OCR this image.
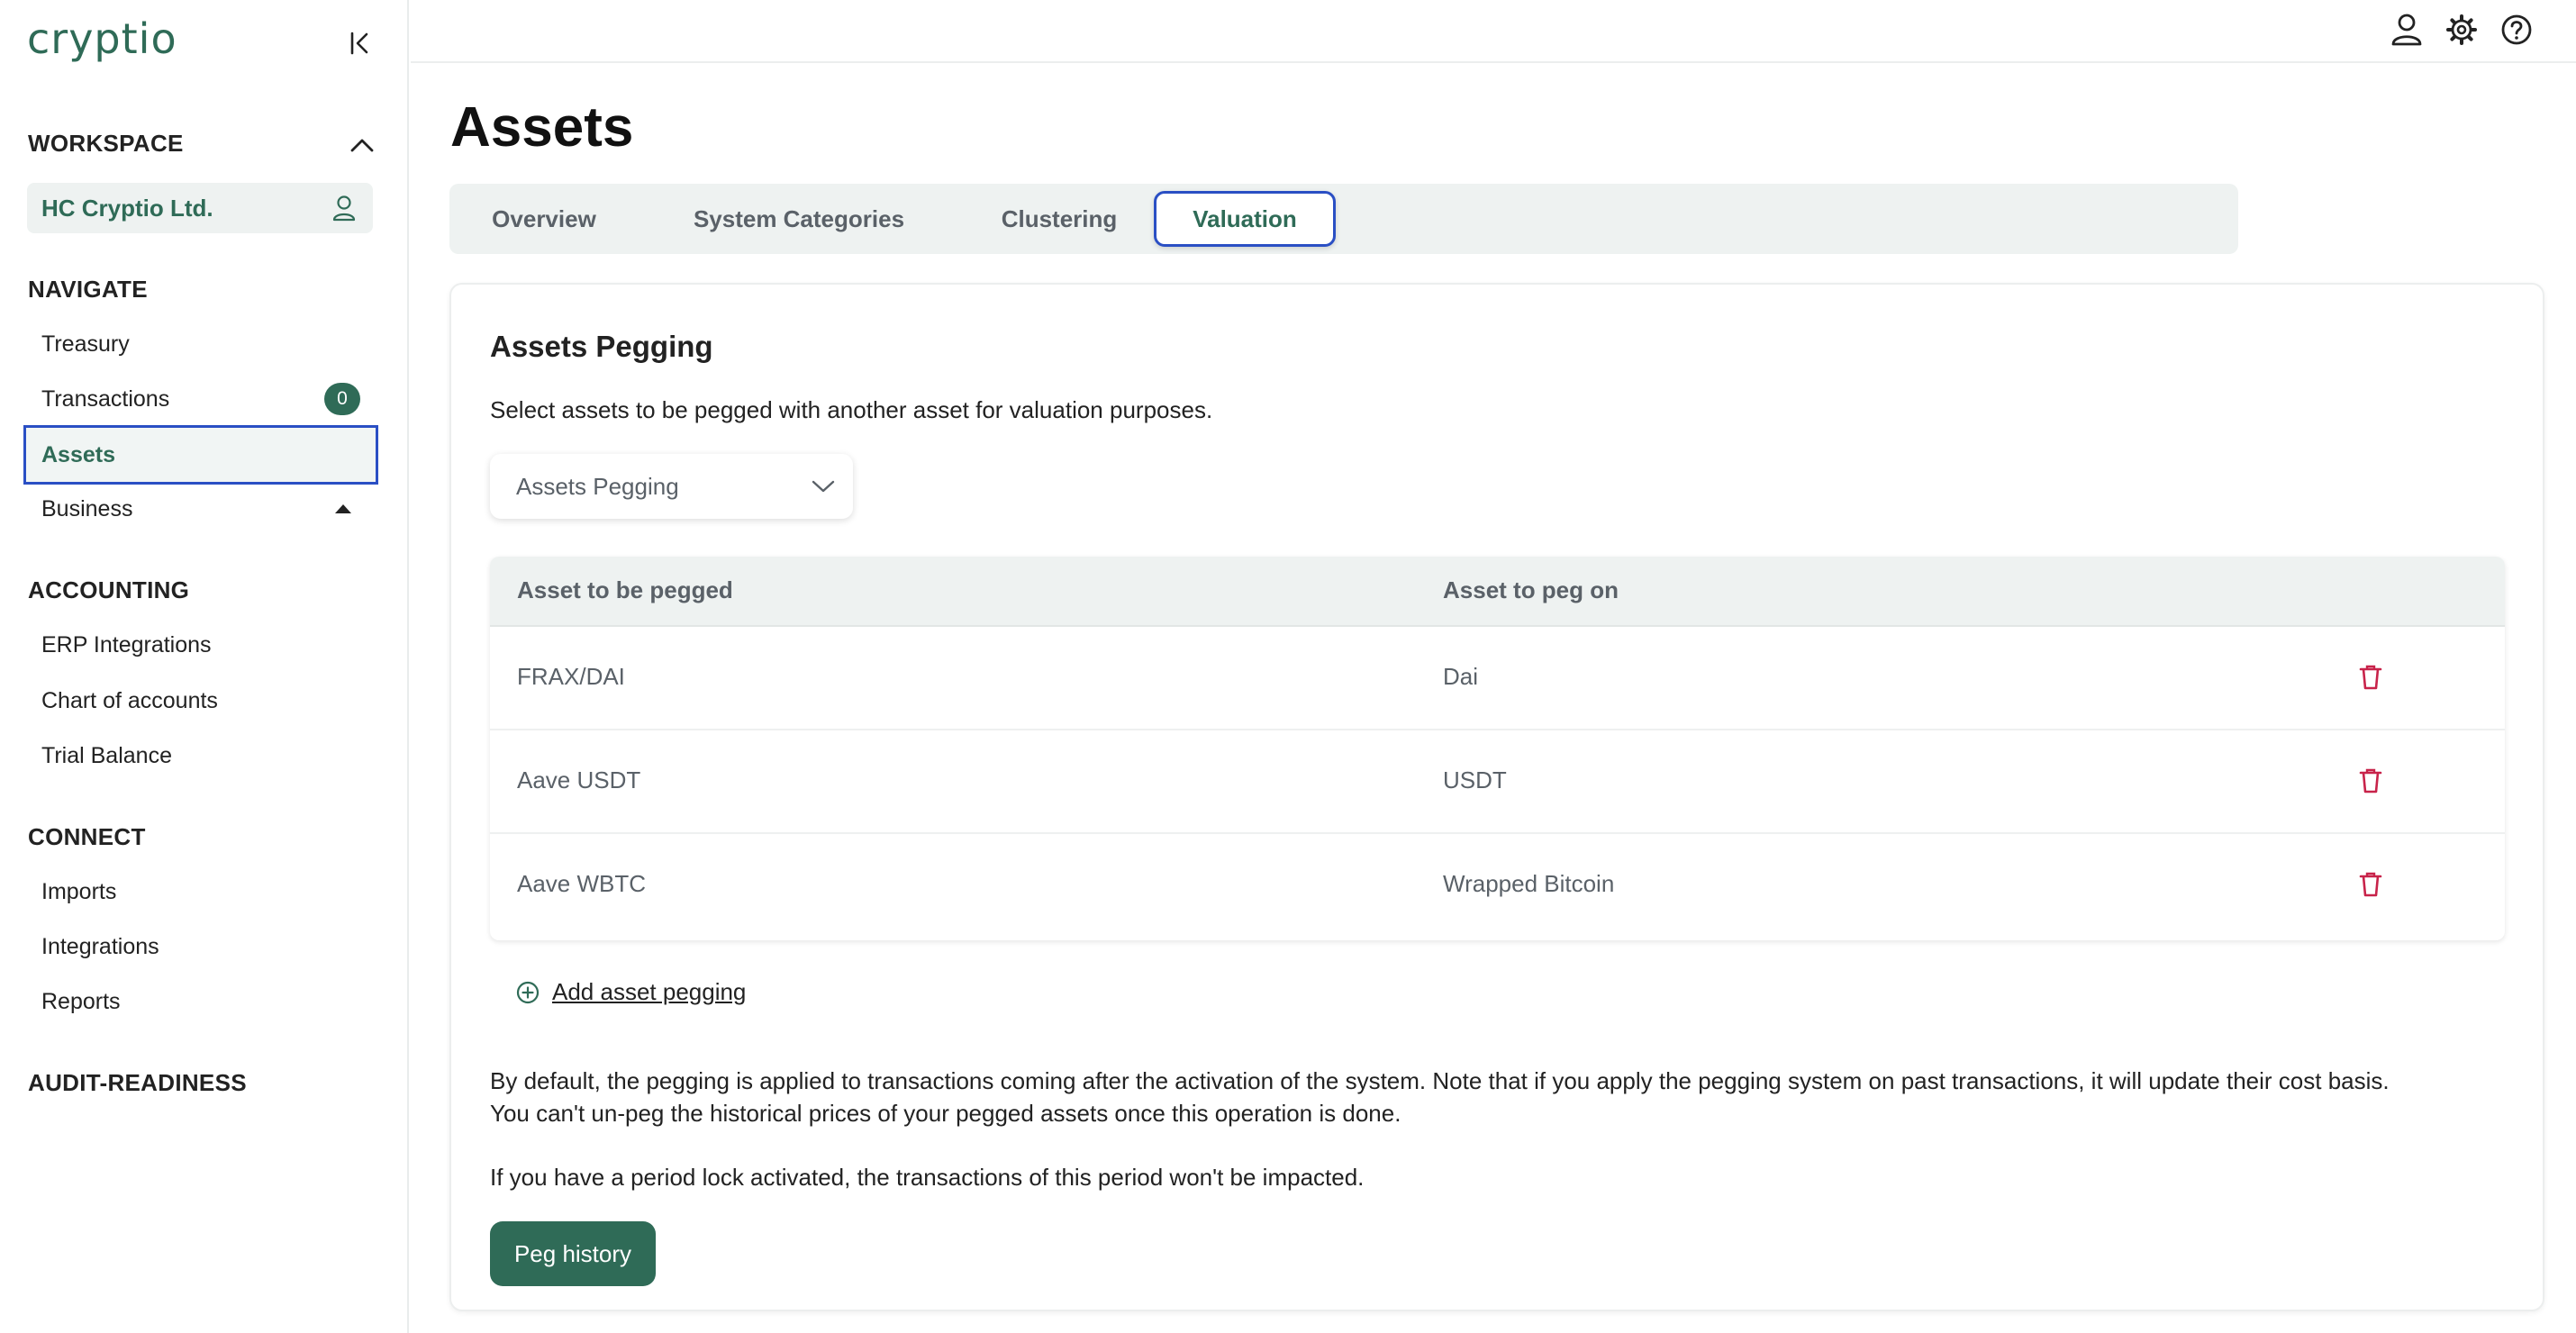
cryptio
WORKSPACE
HC Cryptio Ltd.
NAVIGATE
Treasury
Transactions	0
Assets
Business
ACCOUNTING
ERP Integrations
Chart of accounts
Trial Balance
CONNECT
Imports
Integrations
Reports
AUDIT-READINESS
Assets
Overview	System Categories	Clustering	Valuation
Assets Pegging

Select assets to be pegged with another asset for valuation purposes.

Assets Pegging
Asset to be pegged	Asset to peg on
FRAX/DAI	Dai
Aave USDT	USDT
Aave WBTC	Wrapped Bitcoin
Add asset pegging

By default, the pegging is applied to transactions coming after the activation of the system. Note that if you apply the pegging system on past transactions, it will update their cost basis.

You can't un-peg the historical prices of your pegged assets once this operation is done.

If you have a period lock activated, the transactions of this period won't be impacted.

Peg history
